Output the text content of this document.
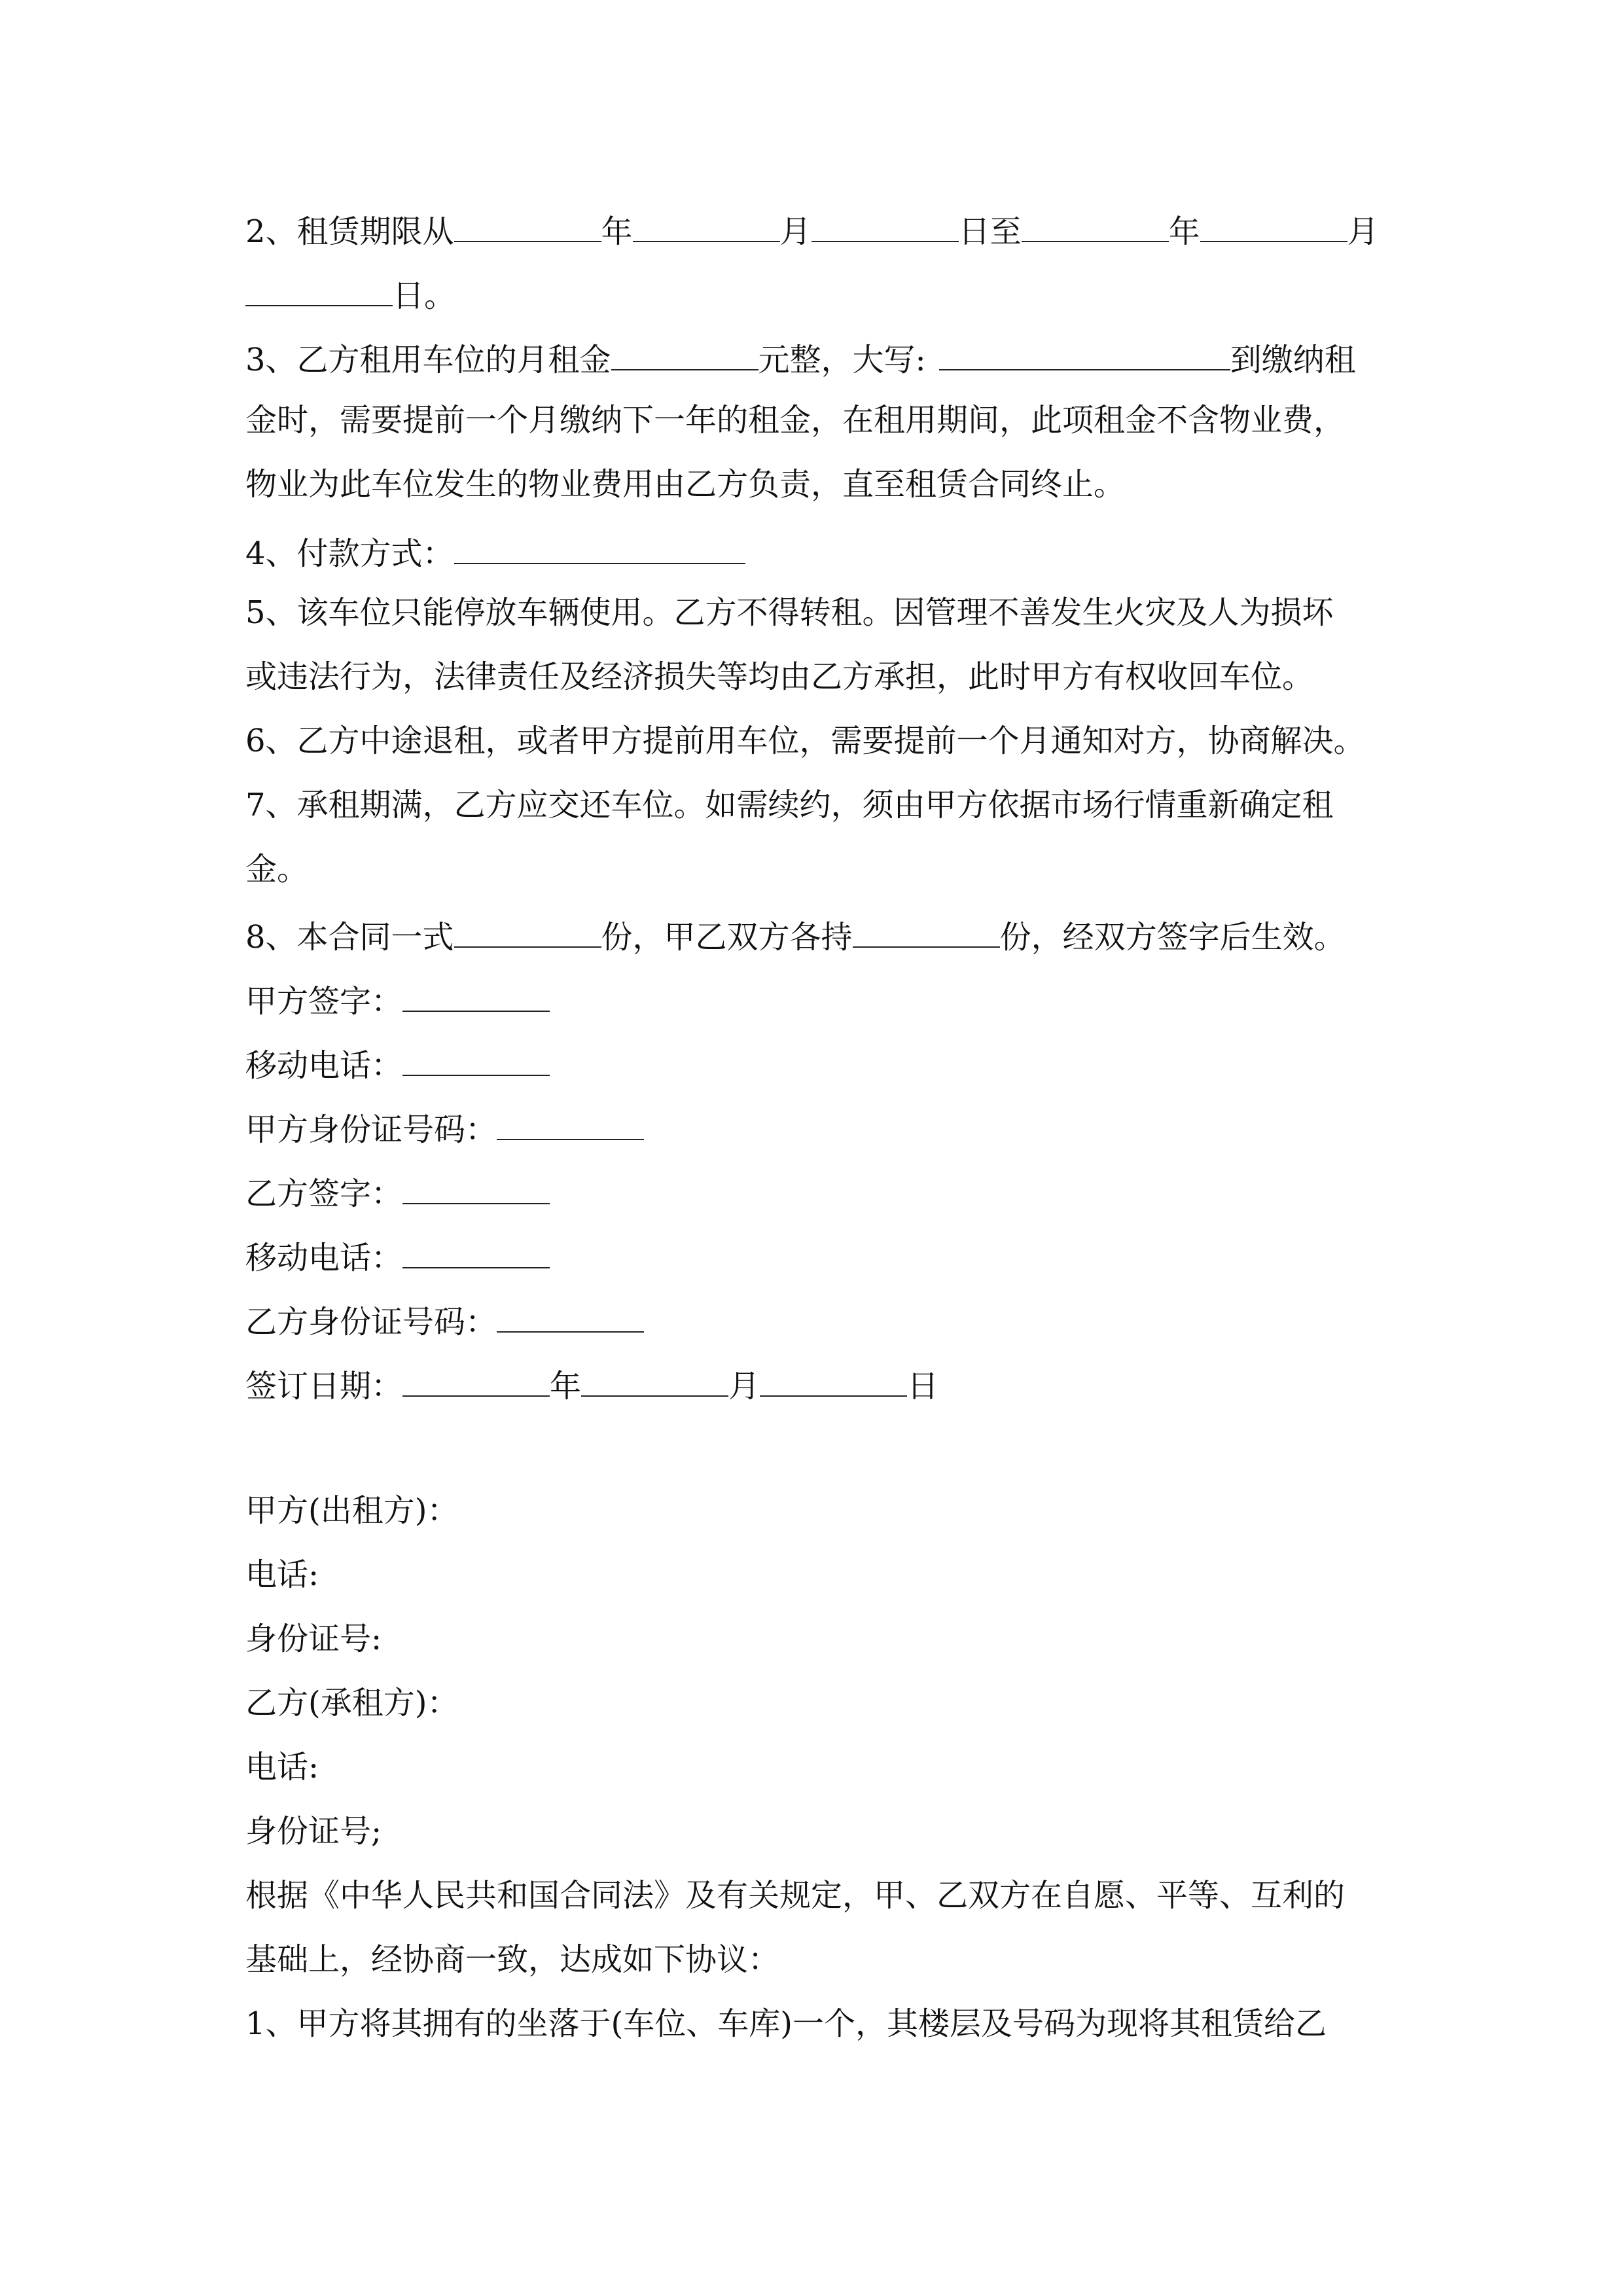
2、租赁期限从	年	月	日至	年	月
日。
3、乙方租用车位的月租金	元整，大写:	到缴纳租
金时，需要提前一个月缴纳下一年的租金，在租用期间，此项租金不含物业费，
物业为此车位发生的物业费用由乙方负责，直至租赁合同终止。
4、付款方式：
5、该车位只能停放车辆使用。乙方不得转租。因管理不善发生火灾及人为损坏
或违法行为，法律责任及经济损失等均由乙方承担，此时甲方有权收回车位。
6、乙方中途退租，或者甲方提前用车位，需要提前一个月通知对方，协商解决。
7、承租期满，乙方应交还车位。如需续约，须由甲方依据市场行情重新确定租
金。
8、本合同一式	份，甲乙双方各持	份，经双方签字后生效。
甲方签字：
移动电话：
甲方身份证号码：
乙方签字：
移动电话：
乙方身份证号码：
签订日期：	年	月	日
甲方(出租方)：
电话:
身份证号:
乙方(承租方)：
电话:
身份证号;
根据《中华人民共和国合同法》及有关规定，甲、乙双方在自愿、平等、互利的
基础上，经协商一致，达成如下协议：
1、甲方将其拥有的坐落于(车位、车库)一个，其楼层及号码为现将其租赁给乙
